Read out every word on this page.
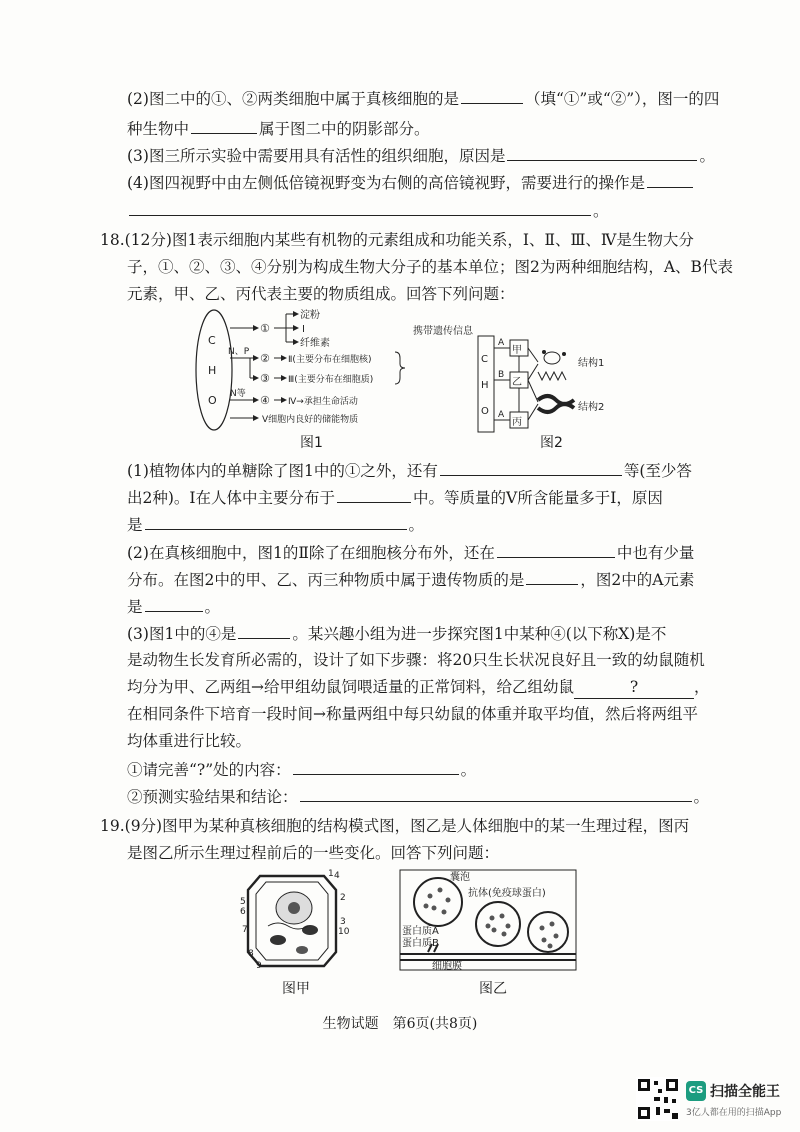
(2)图二中的①、②两类细胞中属于真核细胞的是	（填“①”或“②”），图一的四
种生物中	属于图二中的阴影部分。
(3)图三所示实验中需要用具有活性的组织细胞，原因是	。
(4)图四视野中由左侧低倍镜视野变为右侧的高倍镜视野，需要进行的操作是
。
18.(12分)图1表示细胞内某些有机物的元素组成和功能关系，Ⅰ、Ⅱ、Ⅲ、Ⅳ是生物大分
子，①、②、③、④分别为构成生物大分子的基本单位；图2为两种细胞结构，A、B代表
元素，甲、乙、丙代表主要的物质组成。回答下列问题：
C
H
O
①
淀粉
Ⅰ
纤维素
N、P ②
③
Ⅱ(主要分布在细胞核)
Ⅲ(主要分布在细胞质)
携带遗传信息
N等 ④ Ⅳ→承担生命活动
Ⅴ细胞内良好的储能物质
图1
C
H
O
A
甲
B
乙
A
丙
结构1
结构2
图2
(1)植物体内的单糖除了图1中的①之外，还有	等(至少答
出2种)。Ⅰ在人体中主要分布于	中。等质量的Ⅴ所含能量多于Ⅰ，原因
是	。
(2)在真核细胞中，图1的Ⅱ除了在细胞核分布外，还在	中也有少量
分布。在图2中的甲、乙、丙三种物质中属于遗传物质的是	，图2中的A元素
是	。
(3)图1中的④是	。某兴趣小组为进一步探究图1中某种④(以下称X)是不
是动物生长发育所必需的，设计了如下步骤：将20只生长状况良好且一致的幼鼠随机
均分为甲、乙两组→给甲组幼鼠饲喂适量的正常饲料，给乙组幼鼠	?	，
在相同条件下培育一段时间→称量两组中每只幼鼠的体重并取平均值，然后将两组平
均体重进行比较。
①请完善“?”处的内容：	。
②预测实验结果和结论：	。
19.(9分)图甲为某种真核细胞的结构模式图，图乙是人体细胞中的某一生理过程，图丙
是图乙所示生理过程前后的一些变化。回答下列问题：
1
2
3
4
5
6
7
8
9
10
图甲
囊泡
抗体(免疫球蛋白)
蛋白质A
蛋白质B
细胞膜
图乙
生物试题　第6页(共8页)
CS 扫描全能王
3亿人都在用的扫描App
